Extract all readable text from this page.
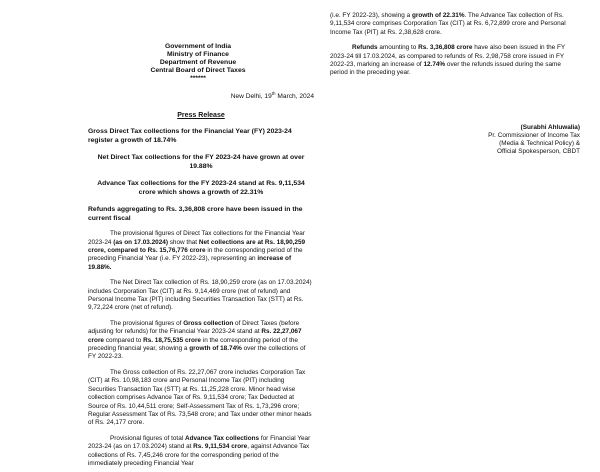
Government of India
Ministry of Finance
Department of Revenue
Central Board of Direct Taxes
******
New Delhi, 19th March, 2024
Press Release
Gross Direct Tax collections for the Financial Year (FY) 2023-24 register a growth of 18.74%
Net Direct Tax collections for the FY 2023-24 have grown at over 19.88%
Advance Tax collections for the FY 2023-24 stand at Rs. 9,11,534 crore which shows a growth of 22.31%
Refunds aggregating to Rs. 3,36,808 crore have been issued in the current fiscal

The provisional figures of Direct Tax collections for the Financial Year 2023-24 (as on 17.03.2024) show that Net collections are at Rs. 18,90,259 crore, compared to Rs. 15,76,776 crore in the corresponding period of the preceding Financial Year (i.e. FY 2022-23), representing an increase of 19.88%.

The Net Direct Tax collection of Rs. 18,90,259 crore (as on 17.03.2024) includes Corporation Tax (CIT) at Rs. 9,14,469 crore (net of refund) and Personal Income Tax (PIT) including Securities Transaction Tax (STT) at Rs. 9,72,224 crore (net of refund).

The provisional figures of Gross collection of Direct Taxes (before adjusting for refunds) for the Financial Year 2023-24 stand at Rs. 22,27,067 crore compared to Rs. 18,75,535 crore in the corresponding period of the preceding financial year, showing a growth of 18.74% over the collections of FY 2022-23.

The Gross collection of Rs. 22,27,067 crore includes Corporation Tax (CIT) at Rs. 10,98,183 crore and Personal Income Tax (PIT) including Securities Transaction Tax (STT) at Rs. 11,25,228 crore. Minor head wise collection comprises Advance Tax of Rs. 9,11,534 crore; Tax Deducted at Source of Rs. 10,44,511 crore; Self-Assessment Tax of Rs. 1,73,296 crore; Regular Assessment Tax of Rs. 73,548 crore; and Tax under other minor heads of Rs. 24,177 crore.

Provisional figures of total Advance Tax collections for Financial Year 2023-24 (as on 17.03.2024) stand at Rs. 9,11,534 crore, against Advance Tax collections of Rs. 7,45,246 crore for the corresponding period of the immediately preceding Financial Year

(i.e. FY 2022-23), showing a growth of 22.31%. The Advance Tax collection of Rs. 9,11,534 crore comprises Corporation Tax (CIT) at Rs. 6,72,899 crore and Personal Income Tax (PIT) at Rs. 2,38,628 crore.

Refunds amounting to Rs. 3,36,808 crore have also been issued in the FY 2023-24 till 17.03.2024, as compared to refunds of Rs. 2,98,758 crore issued in FY 2022-23, marking an increase of 12.74% over the refunds issued during the same period in the preceding year.

(Surabhi Ahluwalia)
Pr. Commissioner of Income Tax
(Media & Technical Policy) &
Official Spokesperson, CBDT
